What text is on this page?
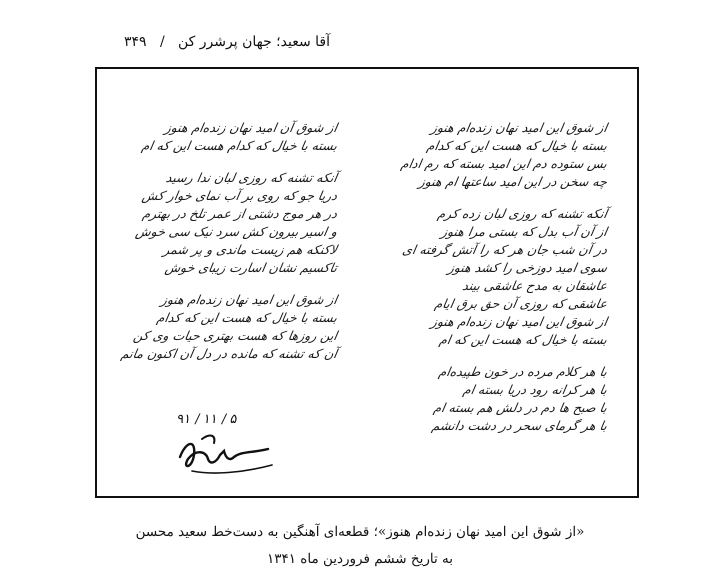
آقا سعید؛ جهان پرشرر کن   /   ۳۴۹
از شوق این امید نهان زنده‌ام هنوز
بسته با خیال که هست این که کدام
بس ستوده دم این امید بسته که رم ادام
چه سخن در این امید ساعتها ام هنوز
آنکه تشنه که روزی لبان زده کرم
از آن آب بدل که بستی مرا هنوز
در آن شب جان هر که را آتش گرفته ای
سوی امید دوزخی را کشد هنوز
عاشقان به مدح عاشقی بیند
عاشقی که روزی آن حق برق ایام
از شوق این امید نهان زنده‌ام هنوز
بسته با خیال که هست این که ام
با هر کلام مرده در خون طپیده‌ام
با هر کرانه رود دریا بسته ام
با صبح ها دم در دلش هم بسته ام
با هر گرمای سحر در دشت دانشم
از شوق آن امید نهان زنده‌ام هنوز
بسته با خیال که کدام هست این که ام
آنکه تشنه که روزی لبان ندا رسید
دریا جو که روی بر آب نمای خوار کش
در هر موج دشتی از عمر تلخ در بهترم
و اسیر بیرون کش سرد نیک سی خوش
لاکنکه هم زیست ماندی و پر شمر
تاکسیم نشان اسارت زیبای خوش
از شوق این امید نهان زنده‌ام هنوز
بسته با خیال که هست این که کدام
این روزها که هست بهتری حیات وی کن
آن که تشنه که مانده در دل آن اکنون مانم
۵ / ۱۱ / ۹۱
«از شوق این امید نهان زنده‌ام هنوز»؛ قطعه‌ای آهنگین به دست‌خط سعید محسن
به تاریخ ششم فروردین ماه ۱۳۴۱
